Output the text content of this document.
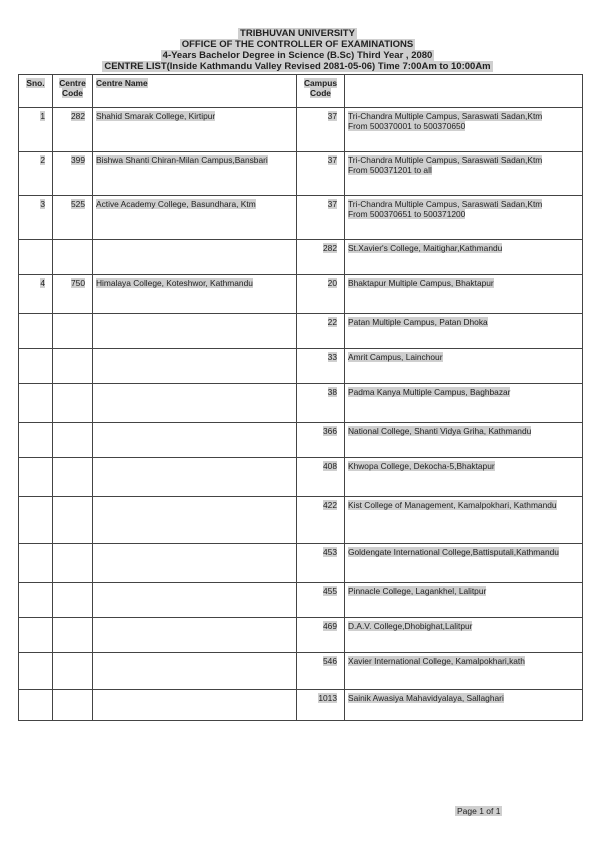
TRIBHUVAN UNIVERSITY
OFFICE OF THE CONTROLLER OF EXAMINATIONS
4-Years Bachelor Degree in Science (B.Sc) Third Year , 2080
CENTRE LIST(Inside Kathmandu Valley Revised 2081-05-06) Time 7:00Am to 10:00Am
Sno.	Centre Code	Centre Name	Campus Code	
1	282	Shahid Smarak College, Kirtipur	37	Tri-Chandra Multiple Campus, Saraswati Sadan,Ktm
From 500370001 to 500370650
2	399	Bishwa Shanti Chiran-Milan Campus,Bansbari	37	Tri-Chandra Multiple Campus, Saraswati Sadan,Ktm
From 500371201 to all
3	525	Active Academy College, Basundhara, Ktm	37	Tri-Chandra Multiple Campus, Saraswati Sadan,Ktm
From 500370651 to 500371200
			282	St.Xavier's College, Maitighar,Kathmandu
4	750	Himalaya College, Koteshwor, Kathmandu	20	Bhaktapur Multiple Campus, Bhaktapur
			22	Patan Multiple Campus, Patan Dhoka
			33	Amrit Campus, Lainchour
			38	Padma Kanya Multiple Campus, Baghbazar
			366	National College, Shanti Vidya Griha, Kathmandu
			408	Khwopa College, Dekocha-5,Bhaktapur
			422	Kist College of Management, Kamalpokhari, Kathmandu
			453	Goldengate International College,Battisputali,Kathmandu
			455	Pinnacle College, Lagankhel, Lalitpur
			469	D.A.V. College,Dhobighat,Lalitpur
			546	Xavier International College, Kamalpokhari,kath
			1013	Sainik Awasiya Mahavidyalaya, Sallaghari
Page 1 of 1
